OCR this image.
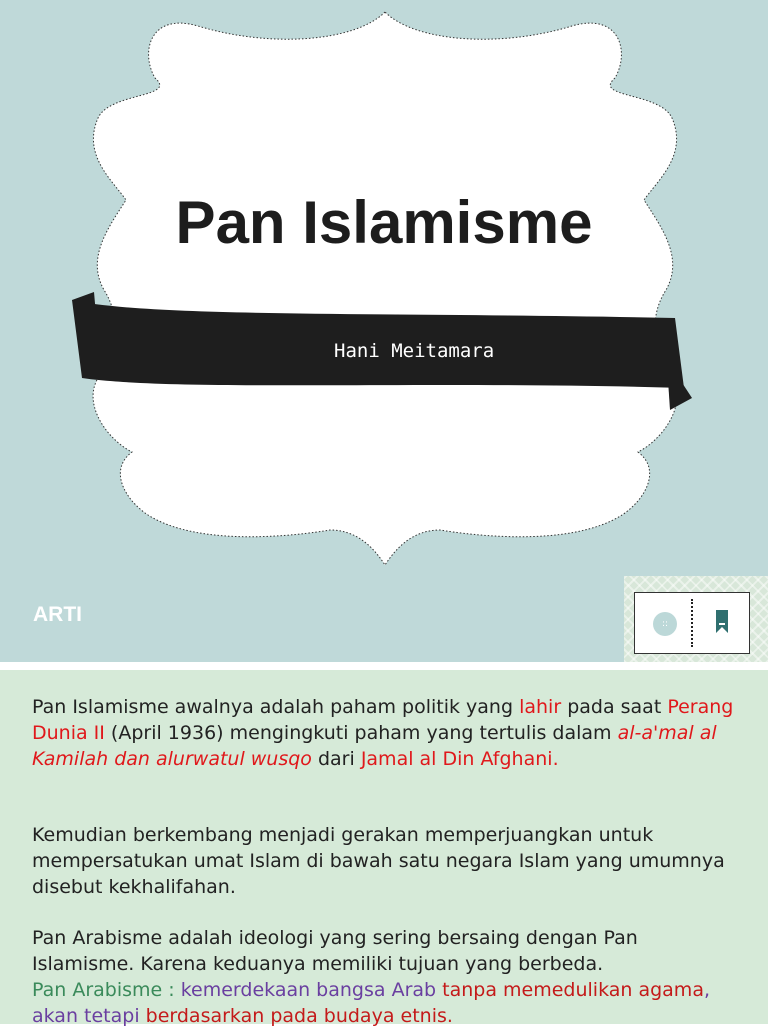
Pan Islamisme
Hani Meitamara
ARTI	::

Pan Islamisme awalnya adalah paham politik yang lahir pada saat Perang Dunia II (April 1936) mengingkuti paham yang tertulis dalam al-a'mal al Kamilah dan alurwatul wusqo dari Jamal al Din Afghani.

Kemudian berkembang menjadi gerakan memperjuangkan untuk mempersatukan umat Islam di bawah satu negara Islam yang umumnya disebut kekhalifahan.

Pan Arabisme adalah ideologi yang sering bersaing dengan Pan Islamisme. Karena keduanya memiliki tujuan yang berbeda.
Pan Arabisme : kemerdekaan bangsa Arab tanpa memedulikan agama, akan tetapi berdasarkan pada budaya etnis.
